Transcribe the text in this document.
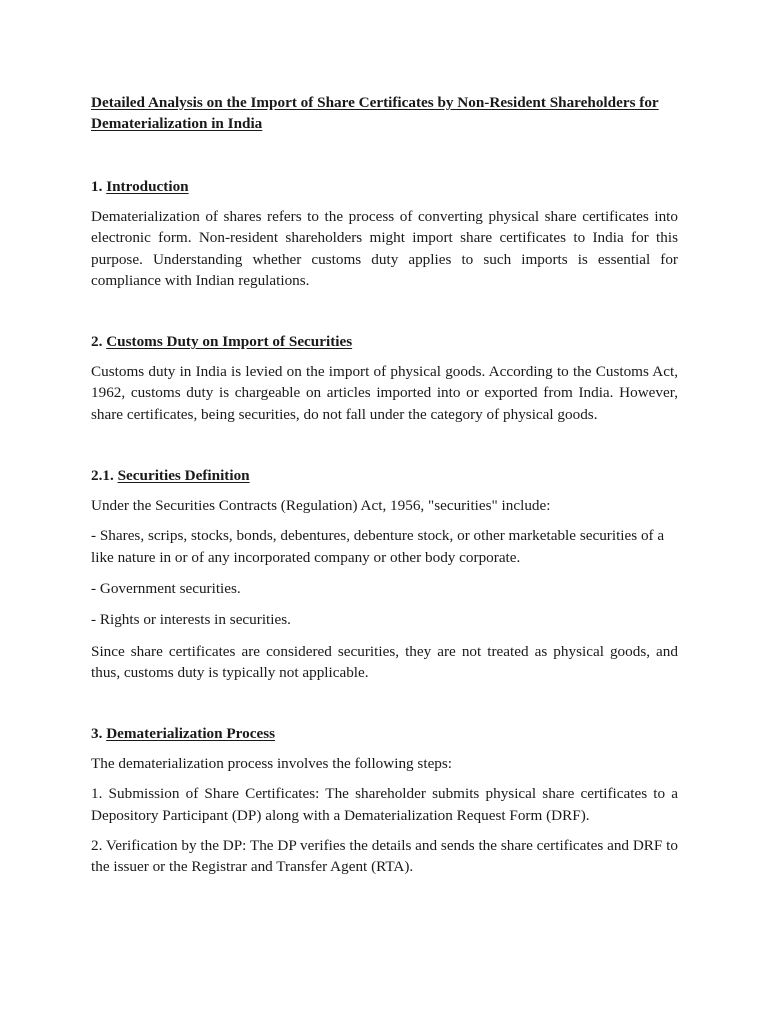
Detailed Analysis on the Import of Share Certificates by Non-Resident Shareholders for Dematerialization in India
1. Introduction

Dematerialization of shares refers to the process of converting physical share certificates into electronic form. Non-resident shareholders might import share certificates to India for this purpose. Understanding whether customs duty applies to such imports is essential for compliance with Indian regulations.

2. Customs Duty on Import of Securities

Customs duty in India is levied on the import of physical goods. According to the Customs Act, 1962, customs duty is chargeable on articles imported into or exported from India. However, share certificates, being securities, do not fall under the category of physical goods.

2.1. Securities Definition

Under the Securities Contracts (Regulation) Act, 1956, "securities" include:

- Shares, scrips, stocks, bonds, debentures, debenture stock, or other marketable securities of a like nature in or of any incorporated company or other body corporate.

- Government securities.

- Rights or interests in securities.

Since share certificates are considered securities, they are not treated as physical goods, and thus, customs duty is typically not applicable.

3. Dematerialization Process

The dematerialization process involves the following steps:

1. Submission of Share Certificates: The shareholder submits physical share certificates to a Depository Participant (DP) along with a Dematerialization Request Form (DRF).

2. Verification by the DP: The DP verifies the details and sends the share certificates and DRF to the issuer or the Registrar and Transfer Agent (RTA).
